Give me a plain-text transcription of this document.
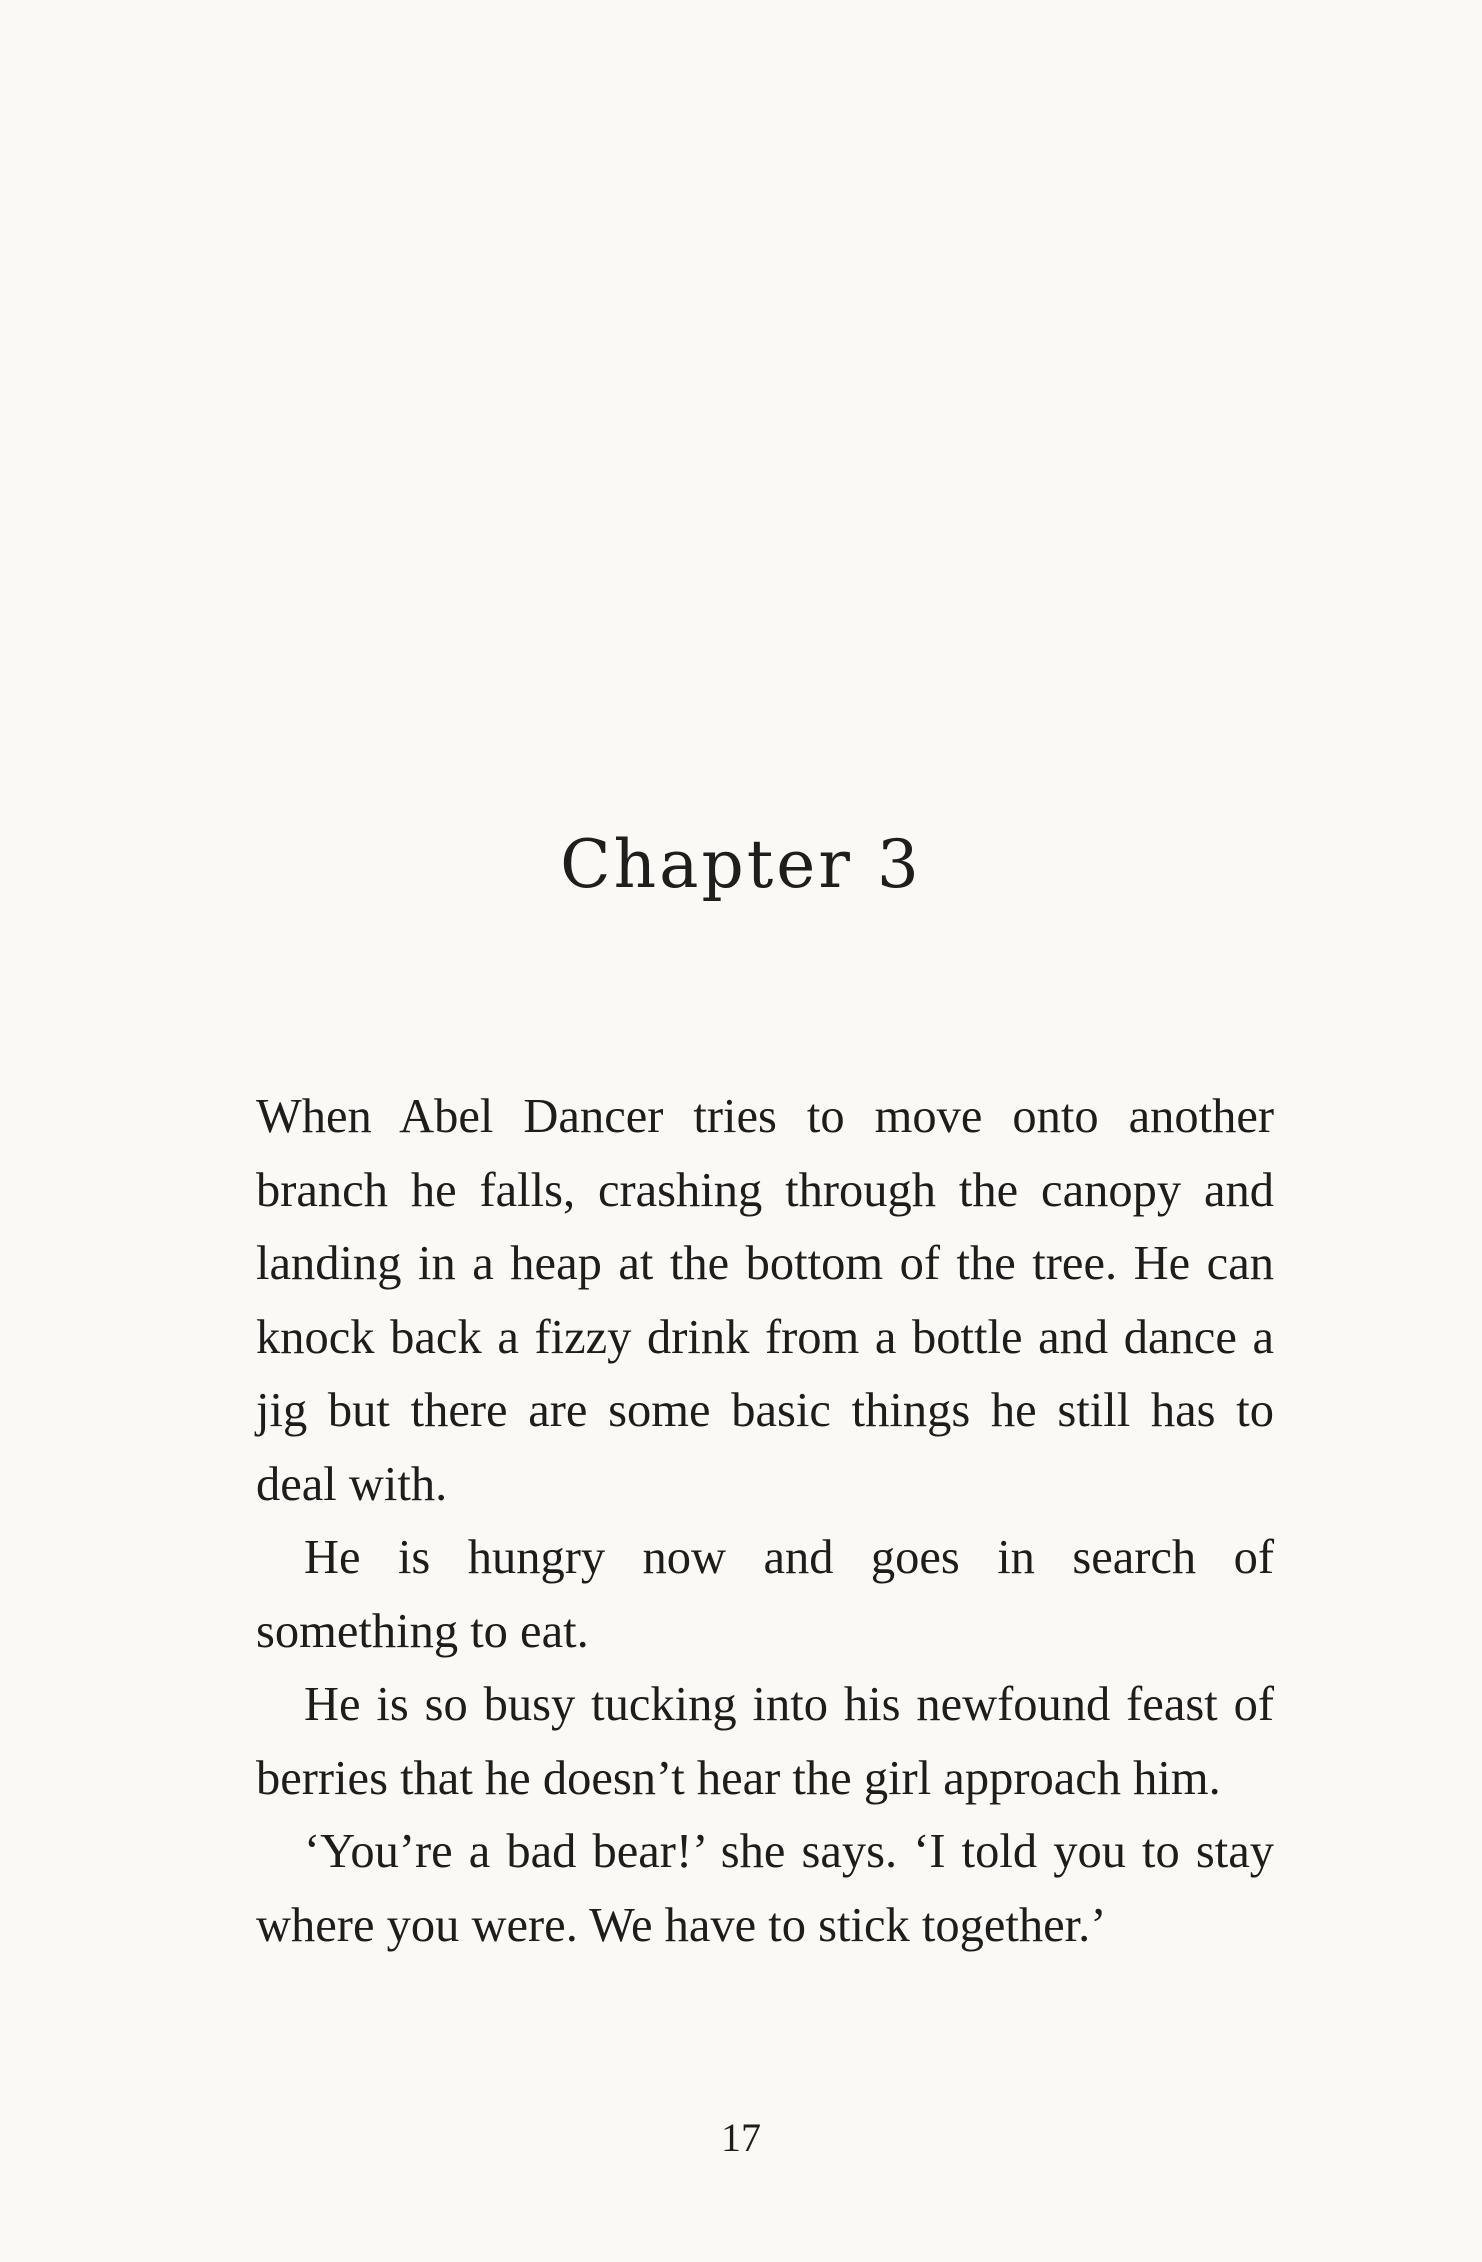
Chapter 3

When Abel Dancer tries to move onto another branch he falls, crashing through the canopy and landing in a heap at the bottom of the tree. He can knock back a fizzy drink from a bottle and dance a jig but there are some basic things he still has to deal with.

He is hungry now and goes in search of something to eat.

He is so busy tucking into his newfound feast of berries that he doesn’t hear the girl approach him.

‘You’re a bad bear!’ she says. ‘I told you to stay where you were. We have to stick together.’

17
